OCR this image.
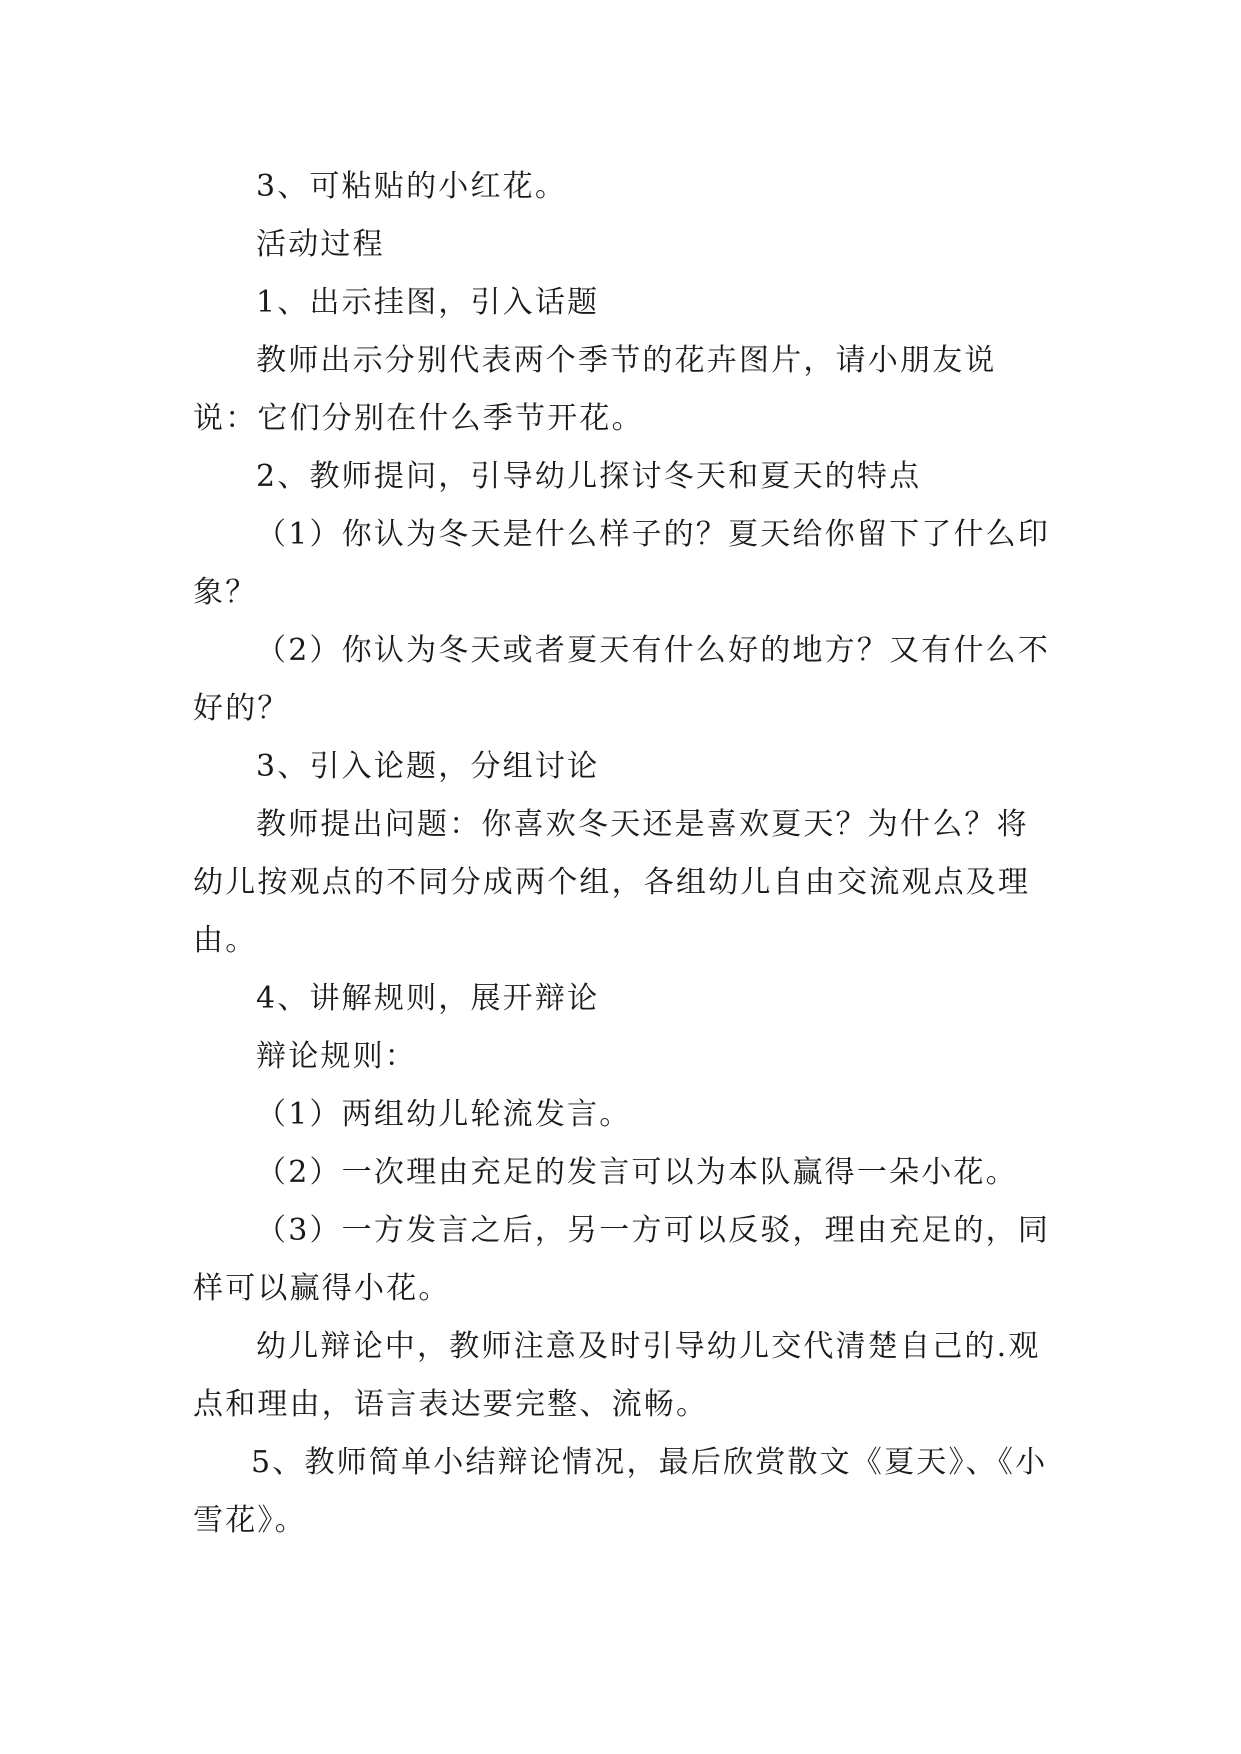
3、可粘贴的小红花。

活动过程

1、出示挂图，引入话题

教师出示分别代表两个季节的花卉图片，请小朋友说说：它们分别在什么季节开花。

2、教师提问，引导幼儿探讨冬天和夏天的特点

（1）你认为冬天是什么样子的？夏天给你留下了什么印象？

（2）你认为冬天或者夏天有什么好的地方？又有什么不好的？

3、引入论题，分组讨论

教师提出问题：你喜欢冬天还是喜欢夏天？为什么？将幼儿按观点的不同分成两个组，各组幼儿自由交流观点及理由。

4、讲解规则，展开辩论

辩论规则：

（1）两组幼儿轮流发言。

（2）一次理由充足的发言可以为本队赢得一朵小花。

（3）一方发言之后，另一方可以反驳，理由充足的，同样可以赢得小花。

幼儿辩论中，教师注意及时引导幼儿交代清楚自己的.观点和理由，语言表达要完整、流畅。

5、教师简单小结辩论情况，最后欣赏散文《夏天》、《小雪花》。
